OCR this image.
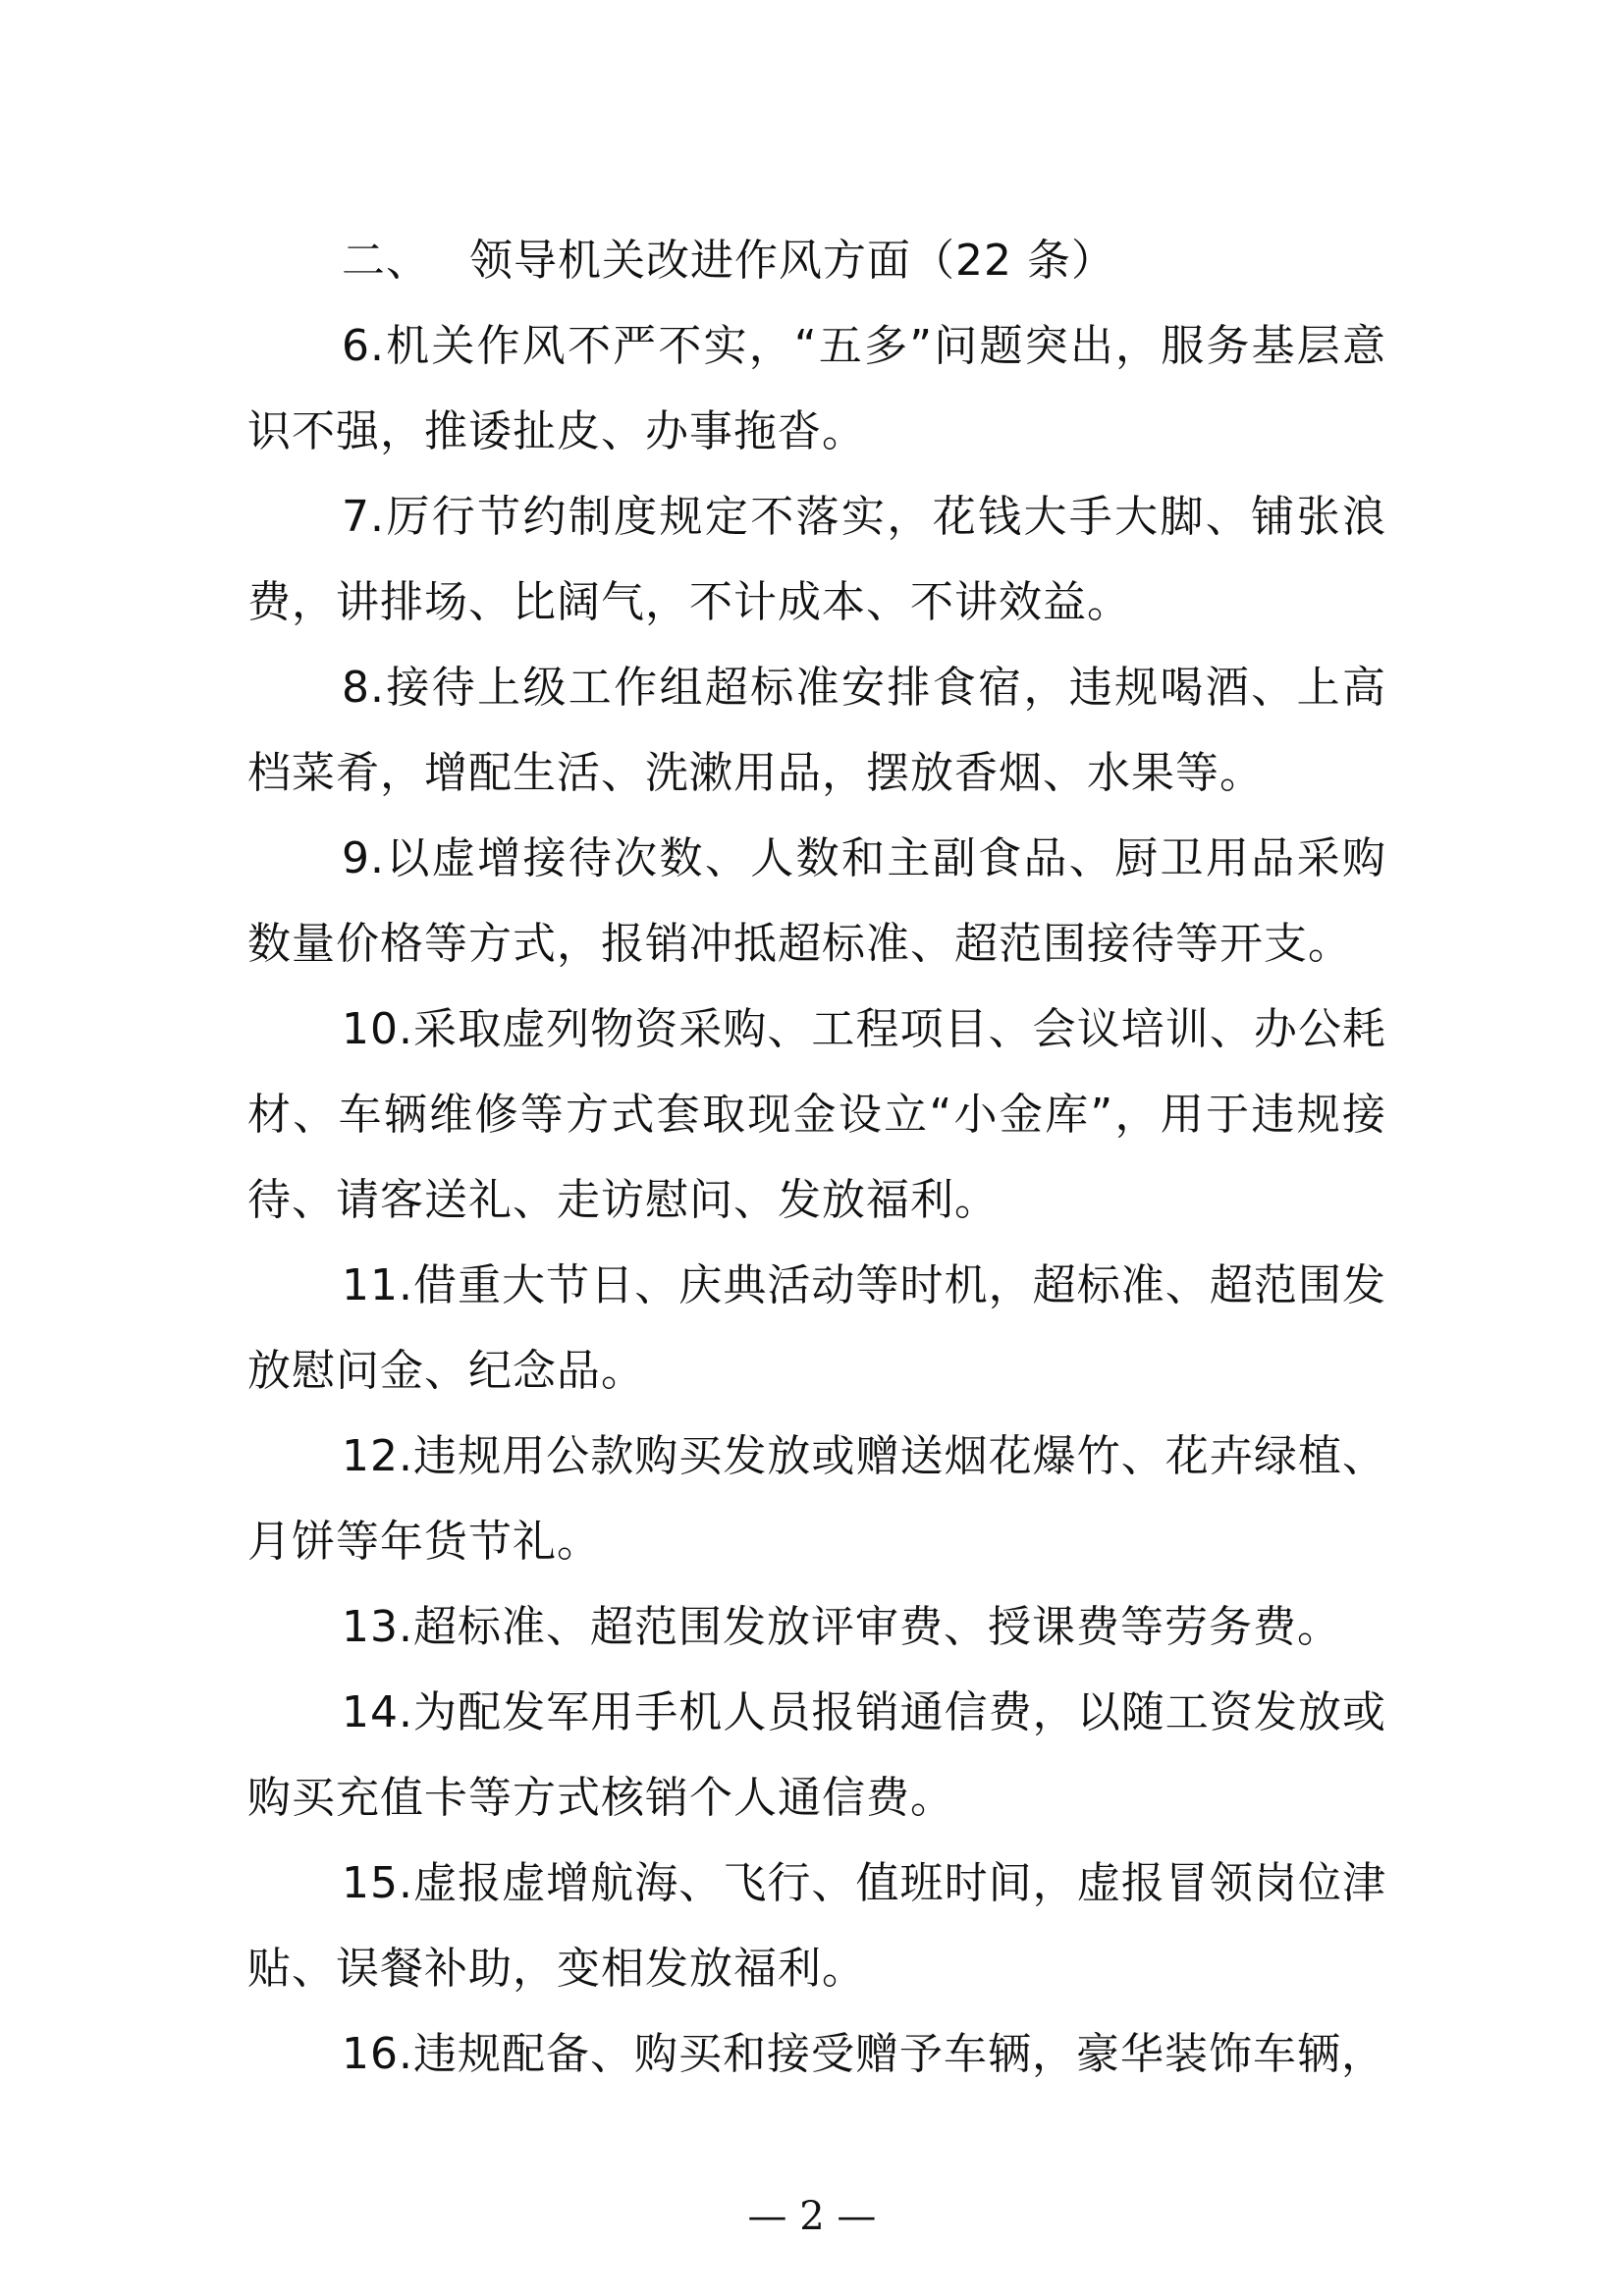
二、 领导机关改进作风方面（22 条）

6.机关作风不严不实，“五多”问题突出，服务基层意识不强，推诿扯皮、办事拖沓。

7.厉行节约制度规定不落实，花钱大手大脚、铺张浪费，讲排场、比阔气，不计成本、不讲效益。

8.接待上级工作组超标准安排食宿，违规喝酒、上高档菜肴，增配生活、洗漱用品，摆放香烟、水果等。

9.以虚增接待次数、人数和主副食品、厨卫用品采购数量价格等方式，报销冲抵超标准、超范围接待等开支。

10.采取虚列物资采购、工程项目、会议培训、办公耗材、车辆维修等方式套取现金设立“小金库”，用于违规接待、请客送礼、走访慰问、发放福利。

11.借重大节日、庆典活动等时机，超标准、超范围发放慰问金、纪念品。

12.违规用公款购买发放或赠送烟花爆竹、花卉绿植、月饼等年货节礼。

13.超标准、超范围发放评审费、授课费等劳务费。

14.为配发军用手机人员报销通信费，以随工资发放或购买充值卡等方式核销个人通信费。

15.虚报虚增航海、飞行、值班时间，虚报冒领岗位津贴、误餐补助，变相发放福利。

16.违规配备、购买和接受赠予车辆，豪华装饰车辆，

— 2 —
